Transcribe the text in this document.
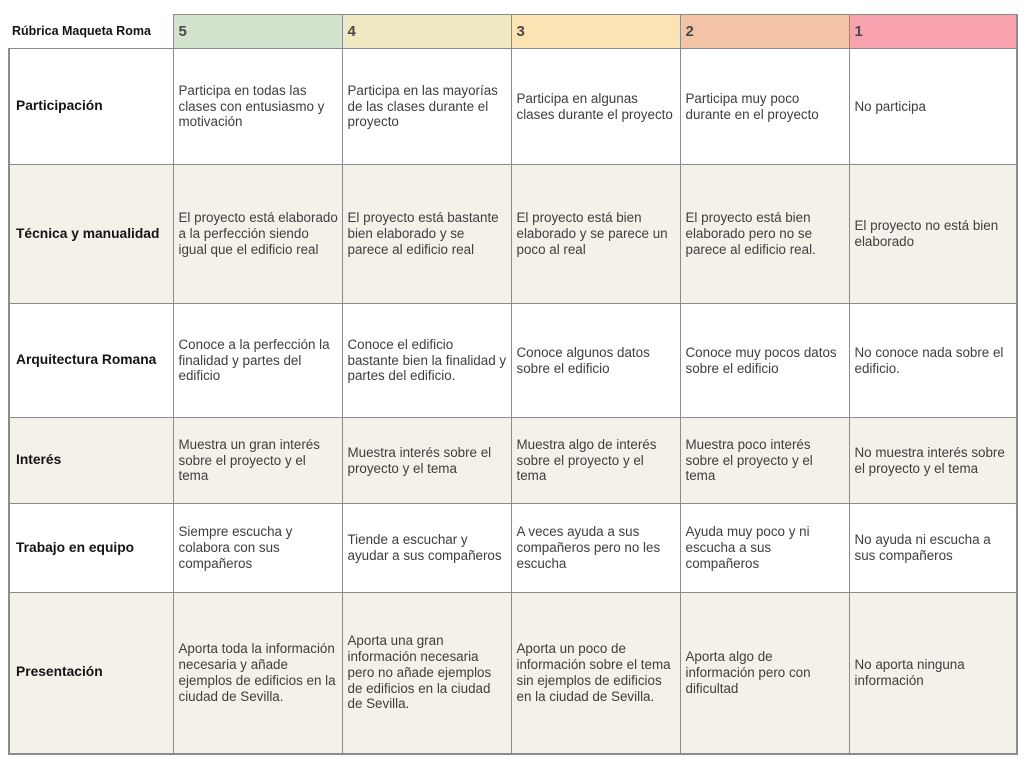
Rúbrica Maqueta Roma	5	4	3	2	1
Participación	Participa en todas las clases con entusiasmo y motivación	Participa en las mayorías de las clases durante el proyecto	Participa en algunas clases durante el proyecto	Participa muy poco durante en el proyecto	No participa
Técnica y manualidad	El proyecto está elaborado a la perfección siendo igual que el edificio real	El proyecto está bastante bien elaborado y se parece al edificio real	El proyecto está bien elaborado y se parece un poco al real	El proyecto está bien elaborado pero no se parece al edificio real.	El proyecto no está bien elaborado
Arquitectura Romana	Conoce a la perfección la finalidad y partes del edificio	Conoce el edificio bastante bien la finalidad y partes del edificio.	Conoce algunos datos sobre el edificio	Conoce muy pocos datos sobre el edificio	No conoce nada sobre el edificio.
Interés	Muestra un gran interés sobre el proyecto y el tema	Muestra interés sobre el proyecto y el tema	Muestra algo de interés sobre el proyecto y el tema	Muestra poco interés sobre el proyecto y el tema	No muestra interés sobre el proyecto y el tema
Trabajo en equipo	Siempre escucha y colabora con sus compañeros	Tiende a escuchar y ayudar a sus compañeros	A veces ayuda a sus compañeros pero no les escucha	Ayuda muy poco y ni escucha a sus compañeros	No ayuda ni escucha a sus compañeros
Presentación	Aporta toda la información necesaria y añade ejemplos de edificios en la ciudad de Sevilla.	Aporta una gran información necesaria pero no añade ejemplos de edificios en la ciudad de Sevilla.	Aporta un poco de información sobre el tema sin ejemplos de edificios en la ciudad de Sevilla.	Aporta algo de información pero con dificultad	No aporta ninguna información
